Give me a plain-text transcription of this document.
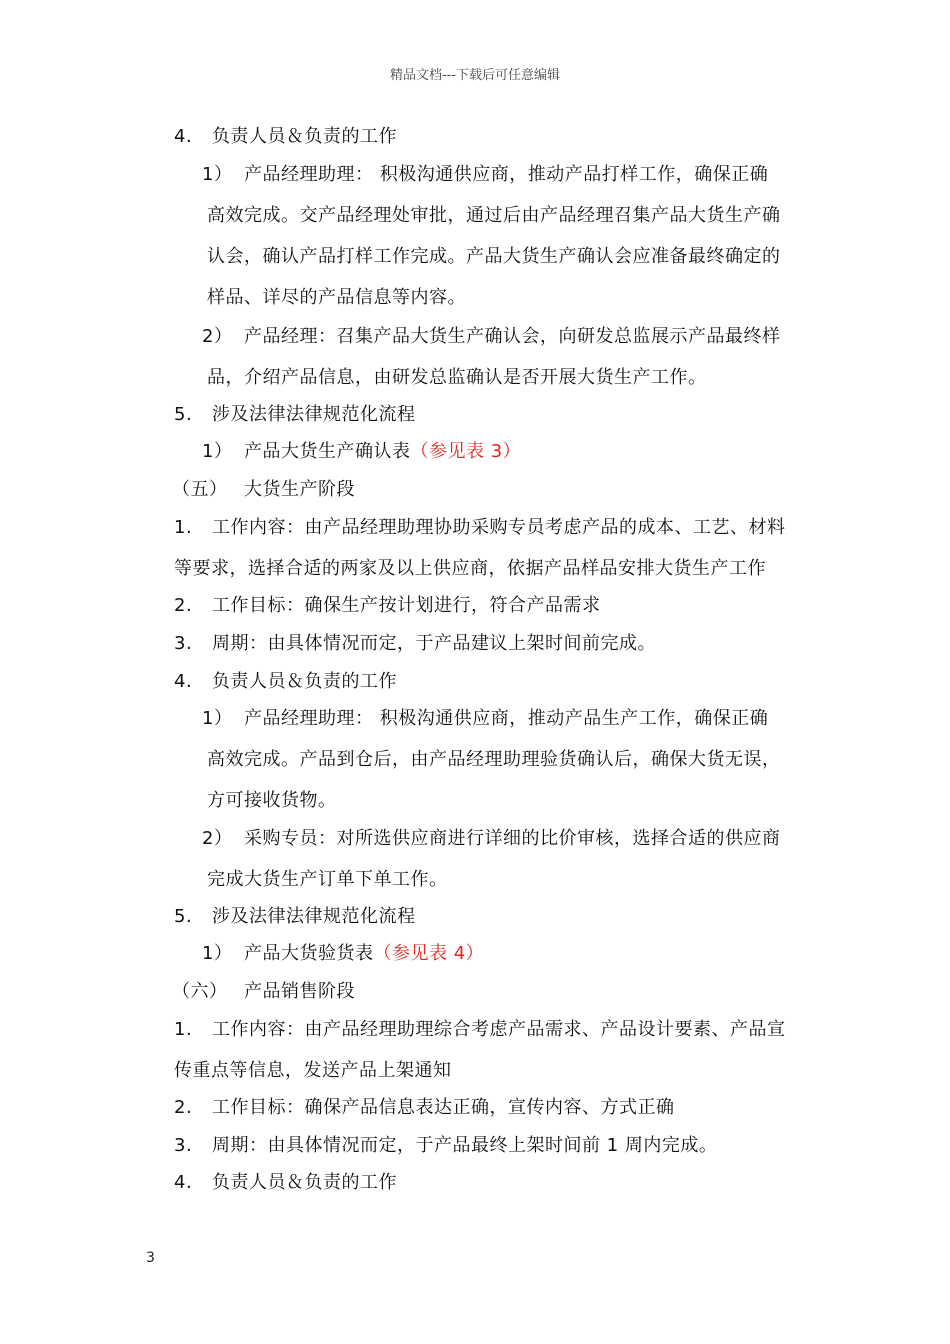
精品文档---下载后可任意编辑
4. 负责人员＆负责的工作
1） 产品经理助理： 积极沟通供应商，推动产品打样工作，确保正确
高效完成。交产品经理处审批，通过后由产品经理召集产品大货生产确
认会，确认产品打样工作完成。产品大货生产确认会应准备最终确定的
样品、详尽的产品信息等内容。
2） 产品经理：召集产品大货生产确认会，向研发总监展示产品最终样
品，介绍产品信息，由研发总监确认是否开展大货生产工作。
5. 涉及法律法律规范化流程
1） 产品大货生产确认表（参见表 3）
（五） 大货生产阶段
1. 工作内容：由产品经理助理协助采购专员考虑产品的成本、工艺、材料
等要求，选择合适的两家及以上供应商，依据产品样品安排大货生产工作
2. 工作目标：确保生产按计划进行，符合产品需求
3. 周期：由具体情况而定，于产品建议上架时间前完成。
4. 负责人员＆负责的工作
1） 产品经理助理： 积极沟通供应商，推动产品生产工作，确保正确
高效完成。产品到仓后，由产品经理助理验货确认后，确保大货无误，
方可接收货物。
2） 采购专员：对所选供应商进行详细的比价审核，选择合适的供应商
完成大货生产订单下单工作。
5. 涉及法律法律规范化流程
1） 产品大货验货表（参见表 4）
（六） 产品销售阶段
1. 工作内容：由产品经理助理综合考虑产品需求、产品设计要素、产品宣
传重点等信息，发送产品上架通知
2. 工作目标：确保产品信息表达正确，宣传内容、方式正确
3. 周期：由具体情况而定，于产品最终上架时间前 1 周内完成。
4. 负责人员＆负责的工作
3
